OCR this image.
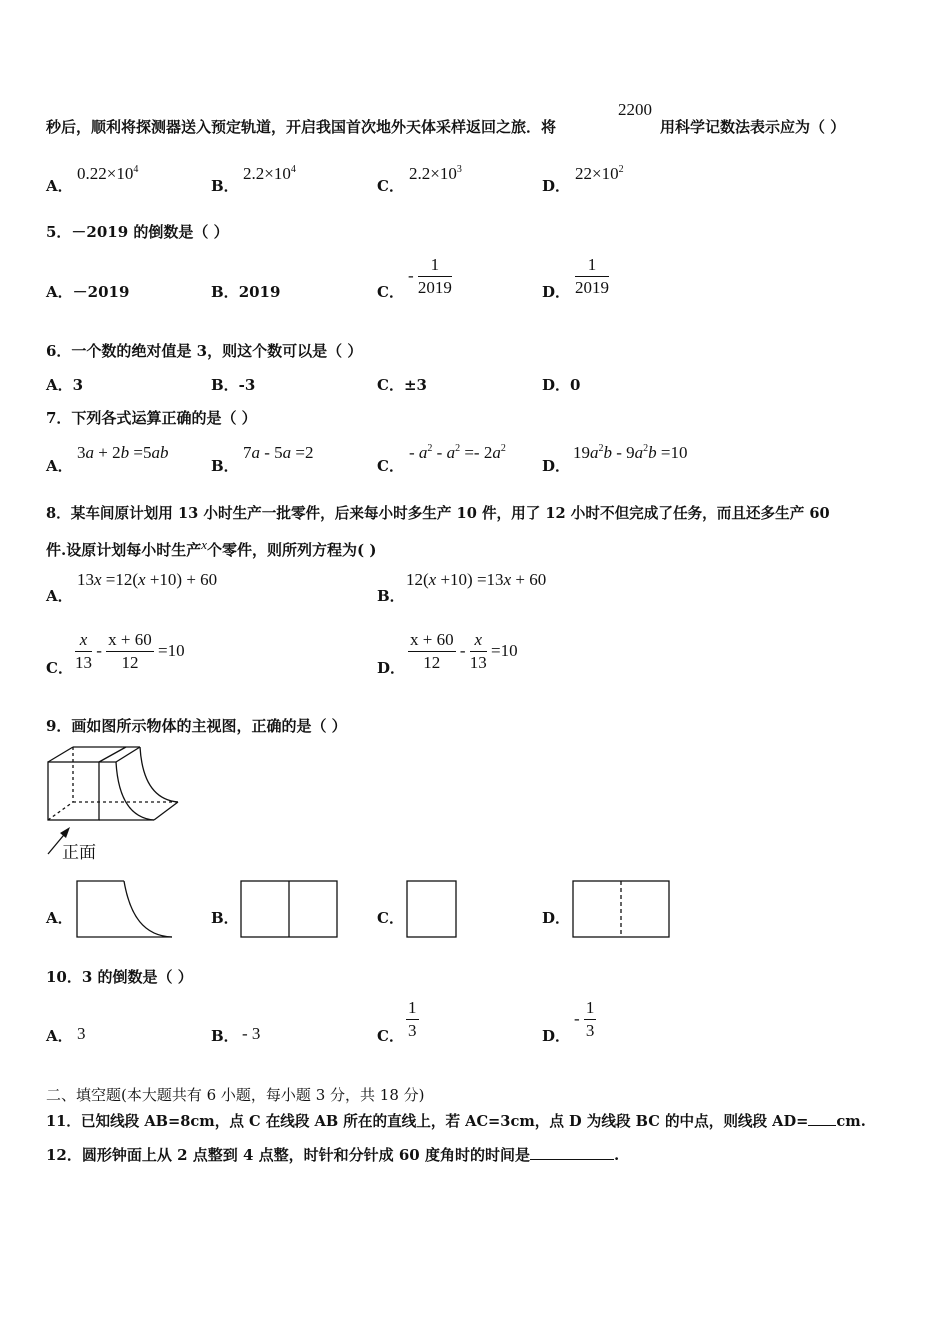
秒后，顺利将探测器送入预定轨道，开启我国首次地外天体采样返回之旅．将
2200
用科学记数法表示应为（ ）
A．
$0.22\times 10^4$
B．
$2.2\times 10^4$
C．
$2.2\times 10^3$
D．
$22\times 10^2$
5．－2019 的倒数是（ ）
A．－2019	B．2019	C．
- $\frac{1}{2019}$	D． $\frac{1}{2019}$
6．一个数的绝对值是 3，则这个数可以是（ ）
A．3	B．-3	C．±3	D．0
7．下列各式运算正确的是（ ）
A．
3a + 2b =5ab
B．
7a - 5a =2
C．
- $a^2 - a^2 =- 2a^2$
D．
$19a^2b - 9a^2b =10$
8．某车间原计划用 13 小时生产一批零件，后来每小时多生产 10 件，用了 12 小时不但完成了任务，而且还多生产 60
件.设原计划每小时生产x个零件，则所列方程为( )
A．
13x =12(x +10) + 60
B．
12(x +10) =13x + 60
C． $\frac{x}{13} - \frac{x + 60}{12} =10$
D． $\frac{x + 60}{12} - \frac{x}{13} =10$
9．画如图所示物体的主视图，正确的是（ ）
正面
A．	B．	C．	D．
10．3 的倒数是（ ）
A． 3	B． - 3	C． $\frac{1}{3}$	D．
- $\frac{1}{3}$
二、填空题(本大题共有 6 小题，每小题 3 分，共 18 分)
11．已知线段 AB=8cm，点 C 在线段 AB 所在的直线上，若 AC=3cm，点 D 为线段 BC 的中点，则线段 AD= cm.
12．圆形钟面上从 2 点整到 4 点整，时针和分针成 60 度角时的时间是	.
